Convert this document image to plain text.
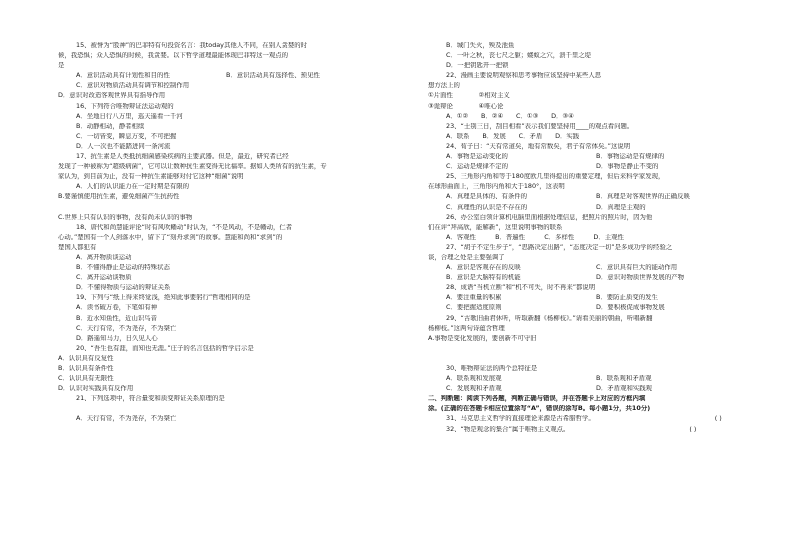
15、被誉为“股神”的巴菲特有句投资名言：我today其他人不同，在别人贪婪的时
候，我恐惧；众人恐惧的时候，我贪婪。以下哲学道理最能体现巴菲特这一观点的
是
A．意识活动具有计划性和目的性	B．意识活动具有选择性、预见性
C．意识对物质活动具有调节和控制作用
D．意识对改造客观世界具有指导作用
16、下列符合唯物辩证法运动观的
A．坐地日行八万里，巡天遥看一千河
B．动静相动，静者相续
C．一切皆变，瞬息万变，不可把握
D．人一次也不能踏进同一条河流
17、抗生素是人类抵抗细菌感染疾病的主要武器。但是，最近，研究者已经
发现了一种被称为“超级病菌”，它可以让数种抗生素变得无比福率。据如人类所有的抗生素，专
家认为，到目前为止，没有一种抗生素能够对付它这种“细菌”说明
A．人们的认识能力在一定时期是有限的
B.要谨慎使用抗生素，避免细菌产生抗药性
C.世界上只有认识的事物，没有尚未认识的事物
18、唐代和尚慧能评论“时有风吹幡动”时认为，“不是风动，不是幡动，仁者
心动。”楚国有一个人剑落水中，留下了“刻舟求剑”的故事。慧能和尚和“求剑”的
楚国人都犯有
A．离开物质谈运动
B．不懂得静止是运动的特殊状态
C．离开运动谈物质
D．不懂得物质与运动的辩证关系
19、下列与“纸上得来终觉浅，绝知此事要躬行”哲理相同的是
A．读书破万卷，下笔如有神
B．近水知鱼性，近山识鸟音
C．天行有常，不为尧存，不为桀亡
D．路遥知马力，日久见人心
20、“吾生也有涯，而知也无涯。”庄子的名言包括的哲学启示是
A．认识具有反复性
B．认识具有条件性
C．认识具有无限性
D．认识对实践具有反作用
21、下列选项中，符合量变和质变辩证关系原理的是
A．天行有常，不为尧存，不为桀亡
B．城门失火，殃及池鱼
C．一叶之秋，丧七尺之躯；蝼蚁之穴，溃千里之堤
D．一把钥匙开一把锁
22、漫画主要说明观察和思考事物应该坚持中某些人思
想方法上的
①片面性　　　　②相对主义
③诡辩论　　　　④唯心论
A．①②　　B．②④　　C．①③　　D．③④
23、“士别三日，刮目相看”表示我们要坚持用____的观点看问题。
A．联系　　B．发展　　C．矛盾　　D．实践
24、荀子曰：“天有常道矣，地有常数矣，君子有常体矣。”这说明
A．事物是运动变化的	B．事物运动是有规律的
C．运动是规律不定的	D．事物是静止不变的
25、三角形内角和等于180度欧几里得提出的重要定理，但后来科学家发现，
在球形曲面上，三角形内角和大于180°，这表明
A．真理是具体的、有条件的	B．真理是对客观世界的正确反映
C．真理性的认识是不存在的	D．真理是主观的
26、办公室白领计算机电脑里面根据处理信息，把照片的照片时，因为他
们在评“拜高欣，能解新”，这里说明事物的联系
A．客观性　　　B．普遍性　　　C．多样性　　　D．主观性
27、“胡子不定生步子”，“思路决定出路”，“态度决定一切”是多成功学的经验之
谈，合理之处是主要强调了
A．意识是客观存在的反映	C．意识具有巨大的能动作用
B．意识是大脑特有的机能	D．意识对物质世界发展的产物
28、成语“当机立断”和“机不可失，时不再来”都说明
A．要注重量的积累	B．要防止质变的发生
C．要把握适度原则	D．要积极促成事物发展
29、“古歌旧曲君休听，听取新翻《杨柳枝》。”请看美丽的朝曲，听唱新翻
杨柳枝。”这两句诗蕴含哲理
A.事物是变化发展的，要创新不可守旧
30、唯物辩证法的两个总特征是
A．联系观和发展观	B．联系观和矛盾观
C．发展观和矛盾观	D．矛盾观和实践观
二、判断题：阅读下列各题，判断正确与错误，并在答题卡上对应的方框内填
涂。(正确的在答题卡相应位置涂写“A”，错误的涂写B。每小题1分，共10分)
31、马克思主义哲学的直接理论来源是古希腊哲学。	( )
32、“物是观念的集合”属于唯物主义观点。	( )
